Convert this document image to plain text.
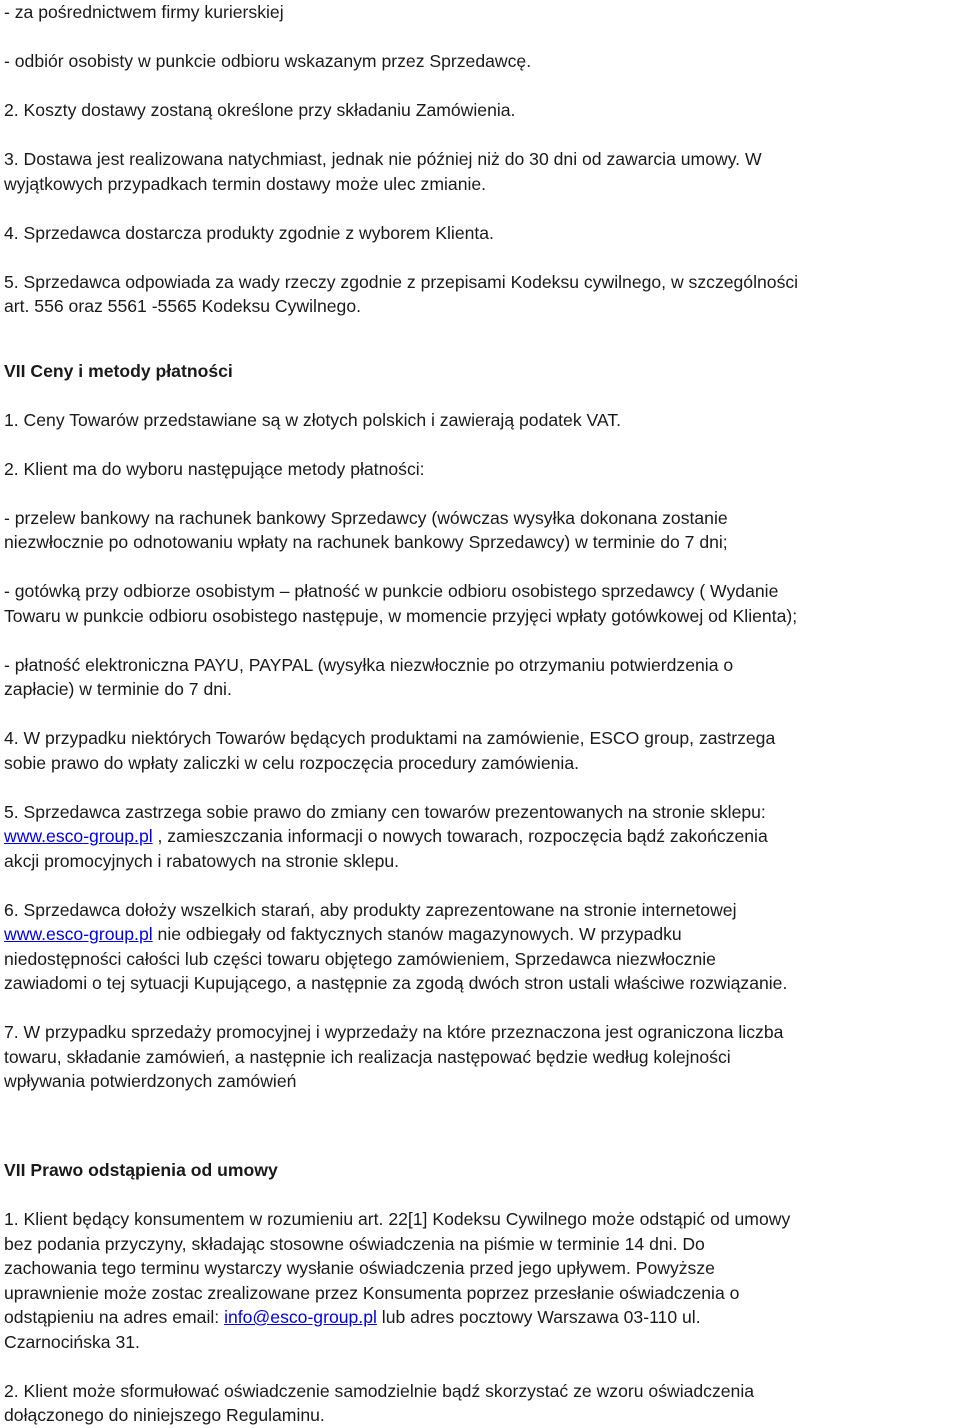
- za pośrednictwem firmy kurierskiej

- odbiór osobisty w punkcie odbioru wskazanym przez Sprzedawcę.

2. Koszty dostawy zostaną określone przy składaniu Zamówienia.

3. Dostawa jest realizowana natychmiast, jednak nie później niż do 30 dni od zawarcia umowy. W

wyjątkowych przypadkach termin dostawy może ulec zmianie.

4. Sprzedawca dostarcza produkty zgodnie z wyborem Klienta.

5. Sprzedawca odpowiada za wady rzeczy zgodnie z przepisami Kodeksu cywilnego, w szczególności

art. 556 oraz 5561 -5565 Kodeksu Cywilnego.

VII Ceny i metody płatności

1. Ceny Towarów przedstawiane są w złotych polskich i zawierają podatek VAT.

2. Klient ma do wyboru następujące metody płatności:

- przelew bankowy na rachunek bankowy Sprzedawcy (wówczas wysyłka dokonana zostanie

niezwłocznie po odnotowaniu wpłaty na rachunek bankowy Sprzedawcy) w terminie do 7 dni;

- gotówką przy odbiorze osobistym – płatność w punkcie odbioru osobistego sprzedawcy ( Wydanie

Towaru w punkcie odbioru osobistego następuje, w momencie przyjęci wpłaty gotówkowej od Klienta);

- płatność elektroniczna PAYU, PAYPAL (wysyłka niezwłocznie po otrzymaniu potwierdzenia o

zapłacie) w terminie do 7 dni.

4. W przypadku niektórych Towarów będących produktami na zamówienie, ESCO group, zastrzega

sobie prawo do wpłaty zaliczki w celu rozpoczęcia procedury zamówienia.

5. Sprzedawca zastrzega sobie prawo do zmiany cen towarów prezentowanych na stronie sklepu:

www.esco-group.pl , zamieszczania informacji o nowych towarach, rozpoczęcia bądź zakończenia

akcji promocyjnych i rabatowych na stronie sklepu.

6. Sprzedawca dołoży wszelkich starań, aby produkty zaprezentowane na stronie internetowej

www.esco-group.pl nie odbiegały od faktycznych stanów magazynowych. W przypadku

niedostępności całości lub części towaru objętego zamówieniem, Sprzedawca niezwłocznie

zawiadomi o tej sytuacji Kupującego, a następnie za zgodą dwóch stron ustali właściwe rozwiązanie.

7. W przypadku sprzedaży promocyjnej i wyprzedaży na które przeznaczona jest ograniczona liczba

towaru, składanie zamówień, a następnie ich realizacja następować będzie według kolejności

wpływania potwierdzonych zamówień

VII Prawo odstąpienia od umowy

1. Klient będący konsumentem w rozumieniu art. 22[1] Kodeksu Cywilnego może odstąpić od umowy

bez podania przyczyny, składając stosowne oświadczenia na piśmie w terminie 14 dni. Do

zachowania tego terminu wystarczy wysłanie oświadczenia przed jego upływem. Powyższe

uprawnienie może zostac zrealizowane przez Konsumenta poprzez przesłanie oświadczenia o

odstąpieniu na adres email: info@esco-group.pl lub adres pocztowy Warszawa 03-110 ul.

Czarnocińska 31.

2. Klient może sformułować oświadczenie samodzielnie bądź skorzystać ze wzoru oświadczenia

dołączonego do niniejszego Regulaminu.
